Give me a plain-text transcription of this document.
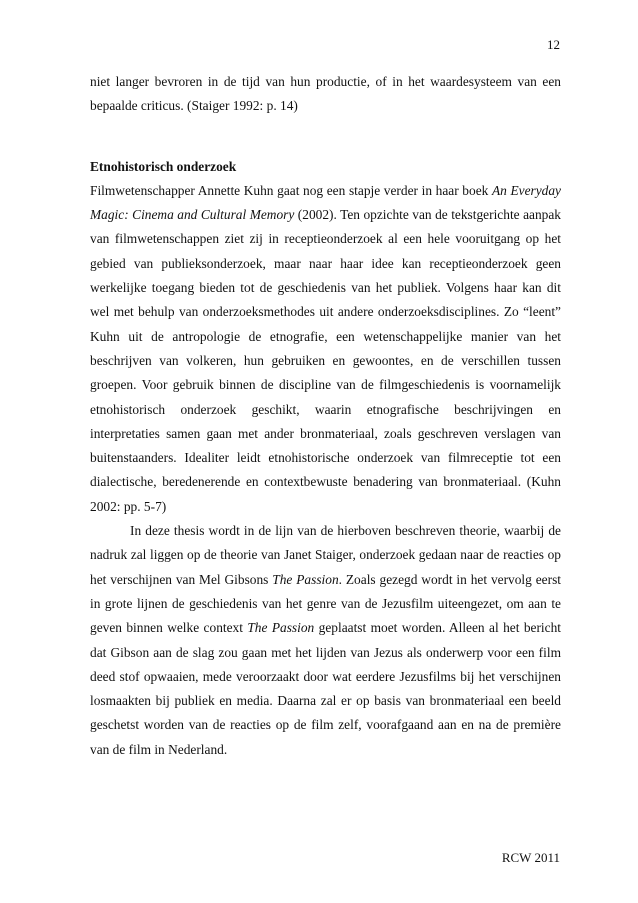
12

niet langer bevroren in de tijd van hun productie, of in het waardesysteem van een bepaalde criticus. (Staiger 1992: p. 14)

Etnohistorisch onderzoek

Filmwetenschapper Annette Kuhn gaat nog een stapje verder in haar boek An Everyday Magic: Cinema and Cultural Memory (2002). Ten opzichte van de tekstgerichte aanpak van filmwetenschappen ziet zij in receptieonderzoek al een hele vooruitgang op het gebied van publieksonderzoek, maar naar haar idee kan receptieonderzoek geen werkelijke toegang bieden tot de geschiedenis van het publiek. Volgens haar kan dit wel met behulp van onderzoeksmethodes uit andere onderzoeksdisciplines. Zo “leent” Kuhn uit de antropologie de etnografie, een wetenschappelijke manier van het beschrijven van volkeren, hun gebruiken en gewoontes, en de verschillen tussen groepen. Voor gebruik binnen de discipline van de filmgeschiedenis is voornamelijk etnohistorisch onderzoek geschikt, waarin etnografische beschrijvingen en interpretaties samen gaan met ander bronmateriaal, zoals geschreven verslagen van buitenstaanders. Idealiter leidt etnohistorische onderzoek van filmreceptie tot een dialectische, beredenerende en contextbewuste benadering van bronmateriaal. (Kuhn 2002: pp. 5-7)

In deze thesis wordt in de lijn van de hierboven beschreven theorie, waarbij de nadruk zal liggen op de theorie van Janet Staiger, onderzoek gedaan naar de reacties op het verschijnen van Mel Gibsons The Passion. Zoals gezegd wordt in het vervolg eerst in grote lijnen de geschiedenis van het genre van de Jezusfilm uiteengezet, om aan te geven binnen welke context The Passion geplaatst moet worden. Alleen al het bericht dat Gibson aan de slag zou gaan met het lijden van Jezus als onderwerp voor een film deed stof opwaaien, mede veroorzaakt door wat eerdere Jezusfilms bij het verschijnen losmaakten bij publiek en media. Daarna zal er op basis van bronmateriaal een beeld geschetst worden van de reacties op de film zelf, voorafgaand aan en na de première van de film in Nederland.

RCW 2011
